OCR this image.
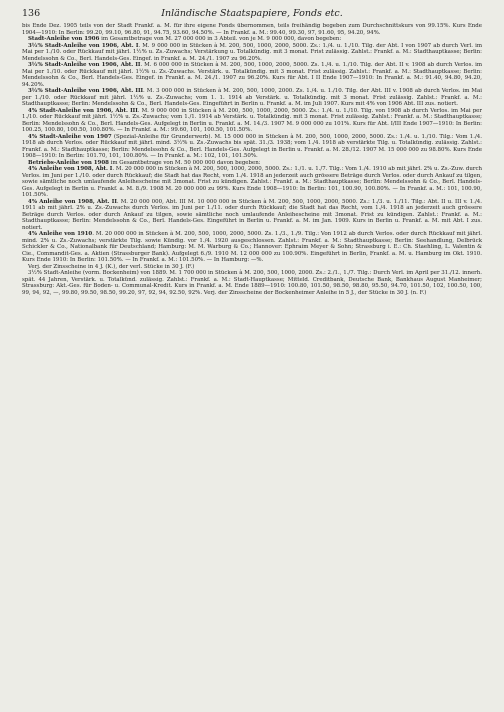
136	Inländische Staatspapiere, Fonds etc.

bis Ende Dez. 1905 teils von der Stadt Frankf. a. M. für ihre eigene Fonds übernommen, teils freihändig begeben zum Durchschnittskurs von 99.15%. Kurs Ende 1904—1910: In Berlin: 99.20, 99.10, 96.80, 91, 94.75, 93.60, 94.50%. — In Frankf. a. M.: 99.40, 99.30, 97, 91.60, 95, 94.20, 94%.

Stadt-Anleihe von 1906 im Gesamtbetrage von M. 27 000 000 in 3 Abteil. von je M. 9 000 000, davon begeben:

3½% Stadt-Anleihe von 1906, Abt. I. M. 9 000 000 in Stücken à M. 200, 500, 1000, 2000, 5000. Zs.: 1./4. u. 1./10. Tilg. der Abt. I von 1907 ab durch Verl. im Mai per 1./10. oder Rückkauf mit jährl. 1½% u. Zs.-Zuwachs; Verstärkung u. Totalkündig. mit 3 monat. Frist zulässig. Zahlst.: Frankf. a. M.: Stadthauptkasse; Berlin: Mendelssohn & Co., Berl. Handels-Ges. Eingef. in Frankf. a. M. 24./1. 1907 zu 96.20%.

3½% Stadt-Anleihe von 1906, Abt. II. M. 6 000 000 in Stücken à M. 200, 500, 1000, 2000, 5000. Zs. 1./4. u. 1./10. Tilg. der Abt. II v. 1908 ab durch Verlos. im Mai per 1./10. oder Rückkauf mit jährl. 1½% u. Zs.-Zuwachs. Verstärk. u. Totalkündig. mit 3 monat. Frist zulässig. Zahlst.: Frankf. a. M.: Stadthauptkasse; Berlin: Mendelssohn & Co., Berl. Handels-Ges. Eingef. in Frankf. a. M. 24./1. 1907 zu 96.20%. Kurs für Abt. I II Ende 1907—1910: In Frankf. a. M.: 91.40, 94.80, 94.20, 94.20%.

3½% Stadt-Anleihe von 1906, Abt. III. M. 3 000 000 in Stücken à M. 200, 500, 1000, 2000. Zs. 1./4. u. 1./10. Tilg. der Abt. III v. 1908 ab durch Verlos. im Mai per 1./10. oder Rückkauf mit jährl. 1½% u. Zs.-Zuwachs; vom 1. 1. 1914 ab Verstärk. u. Totalkündig. mit 3 monat. Frist zulässig. Zahlst.: Frankf. a. M.: Stadthauptkasse; Berlin: Mendelssohn & Co., Berl. Handels-Ges. Eingeführt in Berlin u. Frankf. a. M. im Juli 1907. Kurs mit 4% von 1906 Abt. III zus. notiert.

4% Stadt-Anleihe von 1906, Abt. III. M. 9 000 000 in Stücken à M. 200, 500, 1000, 2000, 5000. Zs.: 1./4. u. 1./10. Tilg. von 1908 ab durch Verlos. im Mai per 1./10. oder Rückkauf mit jährl. 1½% u. Zs.-Zuwachs; vom 1./1. 1914 ab Verstärk. u. Totalkündig. mit 3 monat. Frist zulässig. Zahlst.: Frankf. a. M.: Stadthauptkasse; Berlin: Mendelssohn & Co., Berl. Handels-Ges. Aufgelegt in Berlin u. Frankf. a. M. 14./3. 1907 M. 9 000 000 zu 101%. Kurs für Abt. I/III Ende 1907—1910: In Berlin: 100.25, 100.80, 100.50, 100.80%. — In Frankf. a. M.: 99.60, 101, 100.50, 101.50%.

4% Stadt-Anleihe von 1907 (Spezial-Anleihe für Grunderwerb). M. 15 000 000 in Stücken à M. 200, 500, 1000, 2000, 5000. Zs.: 1./4. u. 1./10. Tilg.: Vom 1./4. 1918 ab durch Verlos. oder Rückkauf mit jährl. mind. 3½% u. Zs.-Zuwachs bis spät. 31./3. 1938; vom 1./4. 1918 ab verstärkte Tilg. u. Totalkündig. zulässig. Zahlst.: Frankf. a. M.: Stadthauptkasse; Berlin: Mendelssohn & Co., Berl. Handels-Ges. Aufgelegt in Berlin u. Frankf. a. M. 28./12. 1907 M. 15 000 000 zu 98.80%. Kurs Ende 1908—1910: In Berlin: 101.70, 101, 100.80%. — In Frankf. a. M.: 102, 101, 101.50%.

Betriebs-Anleihe von 1908 im Gesamtbetrage von M. 50 000 000 davon begeben:

4% Anleihe von 1908, Abt. I. M. 20 000 000 in Stücken à M. 200, 500, 1000, 2000, 5000. Zs.: 1./1. u. 1./7. Tilg.: Vom 1./4. 1910 ab mit jährl. 2% u. Zs.-Zuw. durch Verlos. im Juni per 1./10. oder durch Rückkauf; die Stadt hat das Recht, vom 1./4. 1918 an jederzeit auch grössere Beträge durch Verlos. oder durch Ankauf zu tilgen, sowie sämtliche noch umlaufende Anleihescheine mit 3monat. Frist zu kündigen. Zahlst.: Frankf. a. M.: Stadthauptkasse; Berlin: Mendelssohn & Co., Berl. Handels-Ges. Aufgelegt in Berlin u. Frankf. a. M. 8./9. 1908 M. 20 000 000 zu 99%. Kurs Ende 1908—1910: In Berlin: 101, 100.90, 100.80%. — In Frankf. a. M.: 101, 100.90, 101.50%.

4% Anleihe von 1908, Abt. II. M. 20 000 000, Abt. III M. 10 000 000 in Stücken à M. 200, 500, 1000, 2000, 5000. Zs.: 1./3. u. 1./11. Tilg.: Abt. II u. III v. 1./4. 1911 ab mit jährl. 2% u. Zs.-Zuwachs durch Verlos. im Juni per 1./11. oder durch Rückkauf; die Stadt hat das Recht, vom 1./4. 1918 an jederzeit auch grössere Beträge durch Verlos. oder durch Ankauf zu tilgen, sowie sämtliche noch umlaufende Anleihescheine mit 3monat. Frist zu kündigen. Zahlst.: Frankf. a. M.: Stadthauptkasse; Berlin: Mendelssohn & Co., Berl. Handels-Ges. Eingeführt in Berlin u. Frankf. a. M. im Jan. 1909. Kurs in Berlin u. Frankf. a. M. mit Abt. I zus. notiert.

4% Anleihe von 1910. M. 20 000 000 in Stücken à M. 200, 500, 1000, 2000, 5000. Zs. 1./3., 1./9. Tilg.: Von 1912 ab durch Verlos. oder durch Rückkauf mit jährl. mind. 2% u. Zs.-Zuwachs; verstärkte Tilg. sowie Kündig. vor 1./4. 1920 ausgeschlossen. Zahlst.: Frankf. a. M.: Stadthauptkasse; Berlin: Seehandlung, Delbrück Schickler & Co., Nationalbank für Deutschland; Hamburg: M. M. Warburg & Co.; Hannover: Ephraim Meyer & Sohn; Strassburg i. E.: Ch. Staehling, L. Valentin & Cie., Commandit-Ges. a. Aktien (Strassburger Bank). Aufgelegt 6./9. 1910 M. 12 000 000 zu 100.90%. Eingeführt in Berlin, Frankf. a. M. u. Hamburg im Okt. 1910. Kurs Ende 1910: In Berlin: 101.50%. — In Frankf. a. M.: 101.50%. — In Hamburg: —%.

Verj. der Zinsscheine in 4 J. (K.), der verl. Stücke in 30 J. (F.)

3½% Stadt-Anleihe (vorm. Bockenheim) von 1889. M. 1 700 000 in Stücken à M. 200, 500, 1000, 2000. Zs.: 2./1., 1./7. Tilg.: Durch Verl. im April per 31./12. innerh. spät. 44 Jahren, Verstärk. u. Totalkünd. zulässig. Zahlst.: Frankf. a. M.: Stadt-Hauptkasse; Mitteld. Creditbank, Deutsche Bank, Bankhaus August Manheimer; Strassburg: Akt.-Ges. für Boden- u. Communal-Kredit. Kurs in Frankf. a. M. Ende 1889—1910: 100.80, 101.50, 98.50, 98.80, 95.50, 94.70, 101.50, 102, 100.50, 100, 99, 94, 92, —, 99.80, 99.50, 98.50, 99.20, 97, 92, 94, 92.50, 92%. Verj. der Zinsscheine der Bockenheimer Anleihe in 5 J., der Stücke in 30 J. (n. F.)
